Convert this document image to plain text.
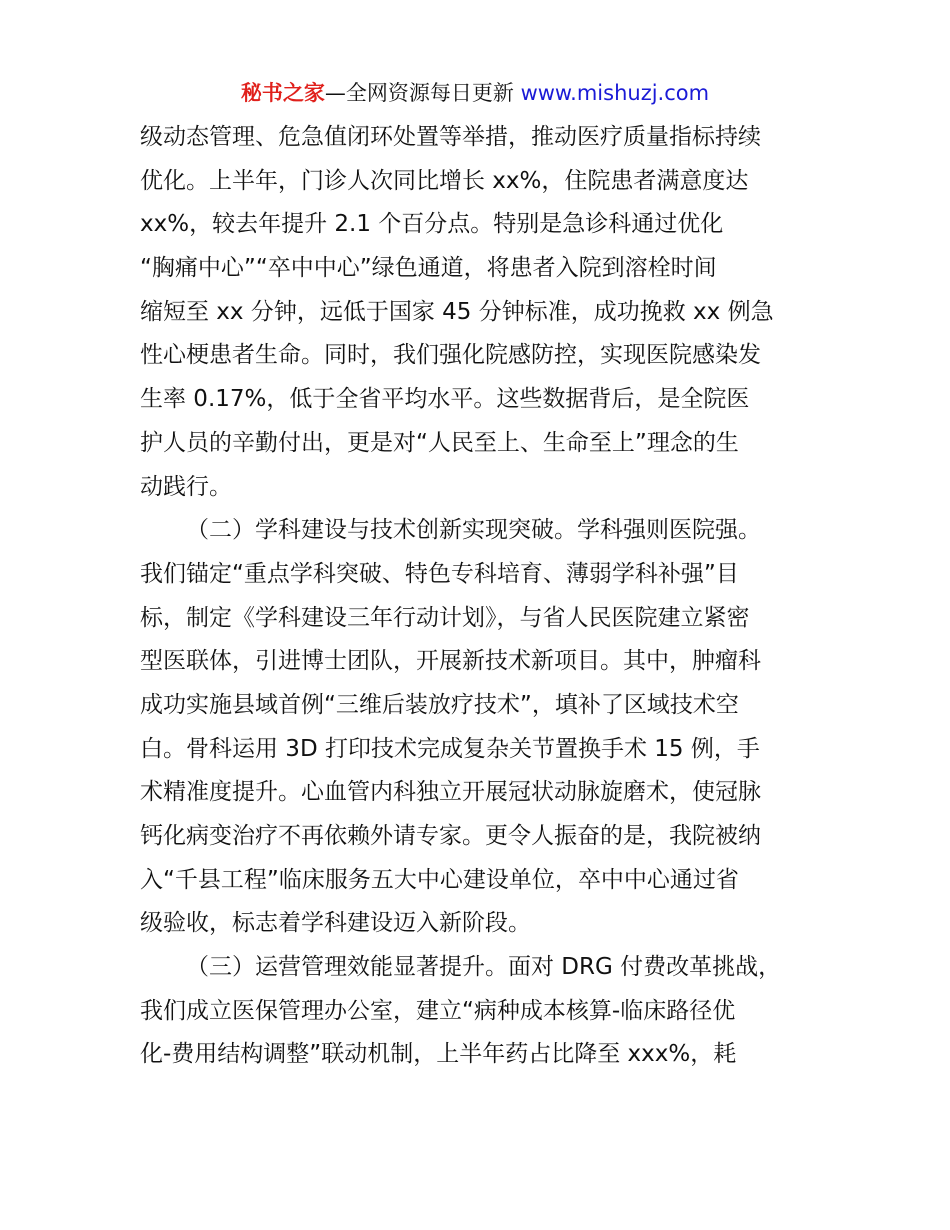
秘书之家—全网资源每日更新 www.mishuzj.com
级动态管理、危急值闭环处置等举措，推动医疗质量指标持续
优化。上半年，门诊人次同比增长 xx%，住院患者满意度达
xx%，较去年提升 2.1 个百分点。特别是急诊科通过优化
“胸痛中心”“卒中中心”绿色通道，将患者入院到溶栓时间
缩短至 xx 分钟，远低于国家 45 分钟标准，成功挽救 xx 例急
性心梗患者生命。同时，我们强化院感防控，实现医院感染发
生率 0.17%，低于全省平均水平。这些数据背后，是全院医
护人员的辛勤付出，更是对“人民至上、生命至上”理念的生
动践行。
（二）学科建设与技术创新实现突破。学科强则医院强。
我们锚定“重点学科突破、特色专科培育、薄弱学科补强”目
标，制定《学科建设三年行动计划》，与省人民医院建立紧密
型医联体，引进博士团队，开展新技术新项目。其中，肿瘤科
成功实施县域首例“三维后装放疗技术”，填补了区域技术空
白。骨科运用 3D 打印技术完成复杂关节置换手术 15 例，手
术精准度提升。心血管内科独立开展冠状动脉旋磨术，使冠脉
钙化病变治疗不再依赖外请专家。更令人振奋的是，我院被纳
入“千县工程”临床服务五大中心建设单位，卒中中心通过省
级验收，标志着学科建设迈入新阶段。
（三）运营管理效能显著提升。面对 DRG 付费改革挑战，
我们成立医保管理办公室，建立“病种成本核算-临床路径优
化-费用结构调整”联动机制，上半年药占比降至 xxx%，耗
